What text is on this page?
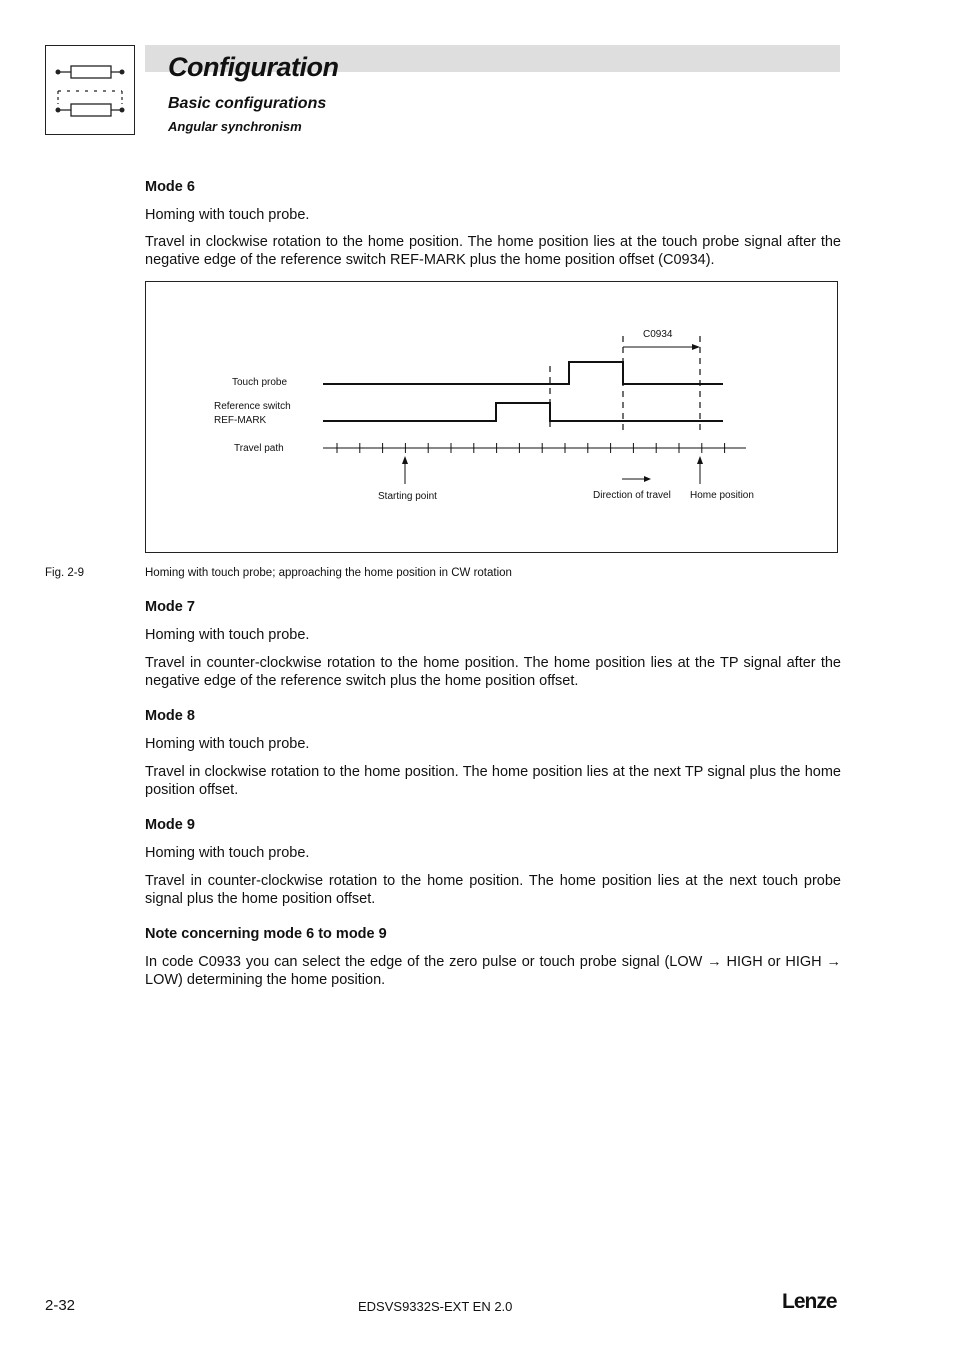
Configuration
Basic configurations
Angular synchronism
Mode 6
Homing with touch probe.
Travel in clockwise rotation to the home position. The home position lies at the touch probe signal after the negative edge of the reference switch REF-MARK plus the home position offset (C0934).
Touch probe
Reference switch
REF-MARK
Travel path
C0934
Starting point	Direction of travel Home position
Fig. 2-9	Homing with touch probe; approaching the home position in CW rotation
Mode 7
Homing with touch probe.
Travel in counter-clockwise rotation to the home position. The home position lies at the TP signal after the negative edge of the reference switch plus the home position offset.
Mode 8
Homing with touch probe.
Travel in clockwise rotation to the home position. The home position lies at the next TP signal plus the home position offset.
Mode 9
Homing with touch probe.
Travel in counter-clockwise rotation to the home position. The home position lies at the next touch probe signal plus the home position offset.
Note concerning mode 6 to mode 9
In code C0933 you can select the edge of the zero pulse or touch probe signal (LOW → HIGH or HIGH → LOW) determining the home position.
2-32	EDSVS9332S-EXT EN 2.0	Lenze
